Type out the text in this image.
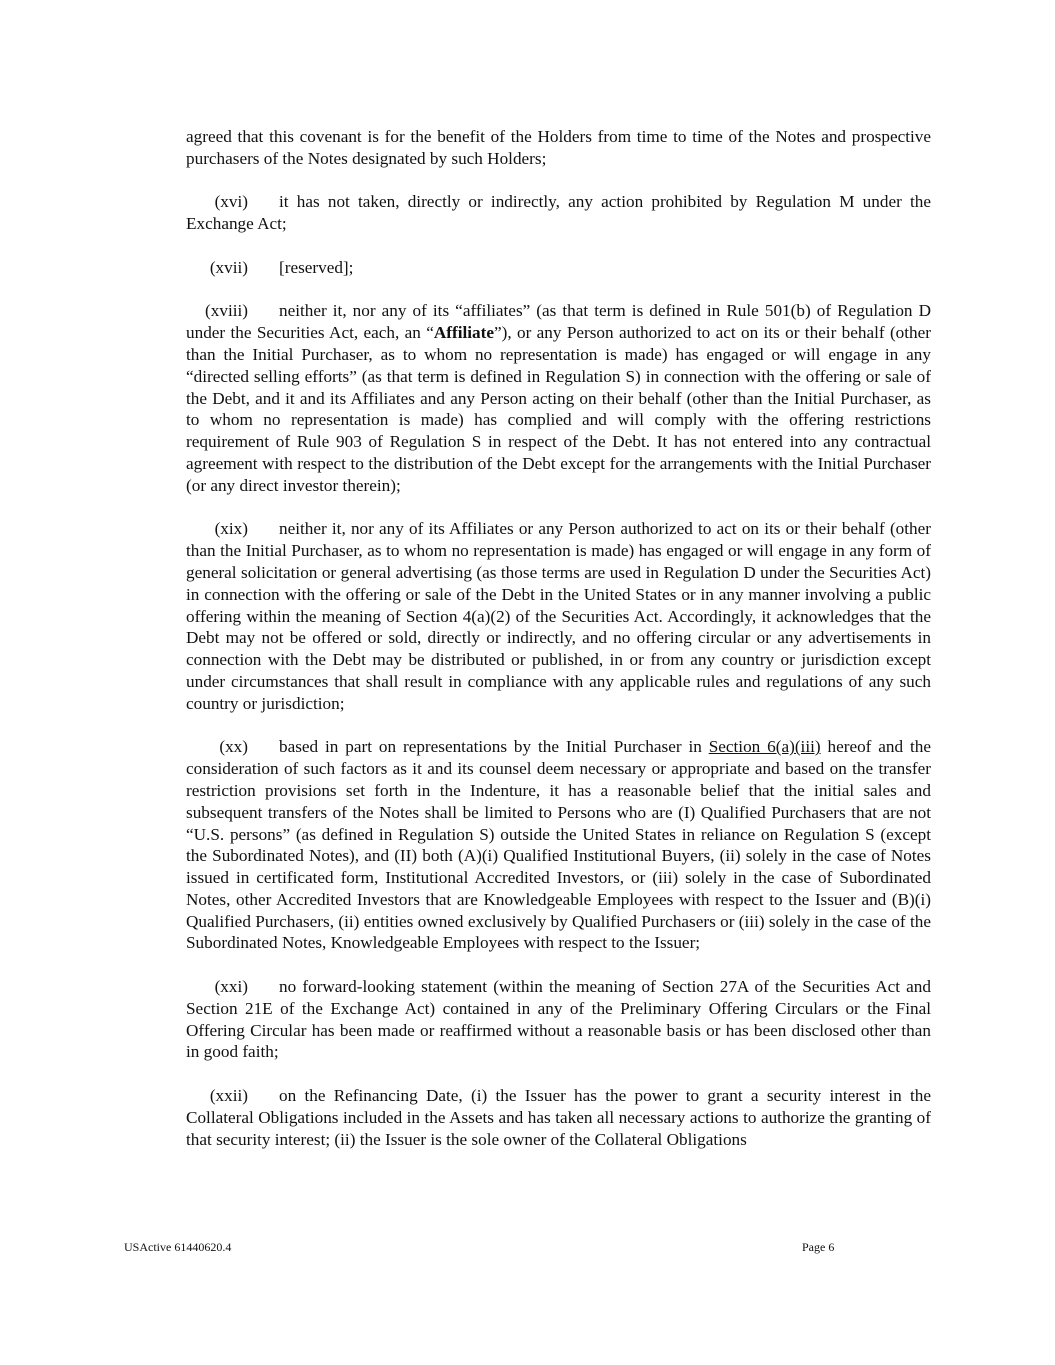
agreed that this covenant is for the benefit of the Holders from time to time of the Notes and prospective purchasers of the Notes designated by such Holders;

(xvi) it has not taken, directly or indirectly, any action prohibited by Regulation M under the Exchange Act;

(xvii) [reserved];

(xviii) neither it, nor any of its “affiliates” (as that term is defined in Rule 501(b) of Regulation D under the Securities Act, each, an “Affiliate”), or any Person authorized to act on its or their behalf (other than the Initial Purchaser, as to whom no representation is made) has engaged or will engage in any “directed selling efforts” (as that term is defined in Regulation S) in connection with the offering or sale of the Debt, and it and its Affiliates and any Person acting on their behalf (other than the Initial Purchaser, as to whom no representation is made) has complied and will comply with the offering restrictions requirement of Rule 903 of Regulation S in respect of the Debt. It has not entered into any contractual agreement with respect to the distribution of the Debt except for the arrangements with the Initial Purchaser (or any direct investor therein);

(xix) neither it, nor any of its Affiliates or any Person authorized to act on its or their behalf (other than the Initial Purchaser, as to whom no representation is made) has engaged or will engage in any form of general solicitation or general advertising (as those terms are used in Regulation D under the Securities Act) in connection with the offering or sale of the Debt in the United States or in any manner involving a public offering within the meaning of Section 4(a)(2) of the Securities Act. Accordingly, it acknowledges that the Debt may not be offered or sold, directly or indirectly, and no offering circular or any advertisements in connection with the Debt may be distributed or published, in or from any country or jurisdiction except under circumstances that shall result in compliance with any applicable rules and regulations of any such country or jurisdiction;

(xx) based in part on representations by the Initial Purchaser in Section 6(a)(iii) hereof and the consideration of such factors as it and its counsel deem necessary or appropriate and based on the transfer restriction provisions set forth in the Indenture, it has a reasonable belief that the initial sales and subsequent transfers of the Notes shall be limited to Persons who are (I) Qualified Purchasers that are not “U.S. persons” (as defined in Regulation S) outside the United States in reliance on Regulation S (except the Subordinated Notes), and (II) both (A)(i) Qualified Institutional Buyers, (ii) solely in the case of Notes issued in certificated form, Institutional Accredited Investors, or (iii) solely in the case of Subordinated Notes, other Accredited Investors that are Knowledgeable Employees with respect to the Issuer and (B)(i) Qualified Purchasers, (ii) entities owned exclusively by Qualified Purchasers or (iii) solely in the case of the Subordinated Notes, Knowledgeable Employees with respect to the Issuer;

(xxi) no forward-looking statement (within the meaning of Section 27A of the Securities Act and Section 21E of the Exchange Act) contained in any of the Preliminary Offering Circulars or the Final Offering Circular has been made or reaffirmed without a reasonable basis or has been disclosed other than in good faith;

(xxii) on the Refinancing Date, (i) the Issuer has the power to grant a security interest in the Collateral Obligations included in the Assets and has taken all necessary actions to authorize the granting of that security interest; (ii) the Issuer is the sole owner of the Collateral Obligations

USActive 61440620.4	Page 6
